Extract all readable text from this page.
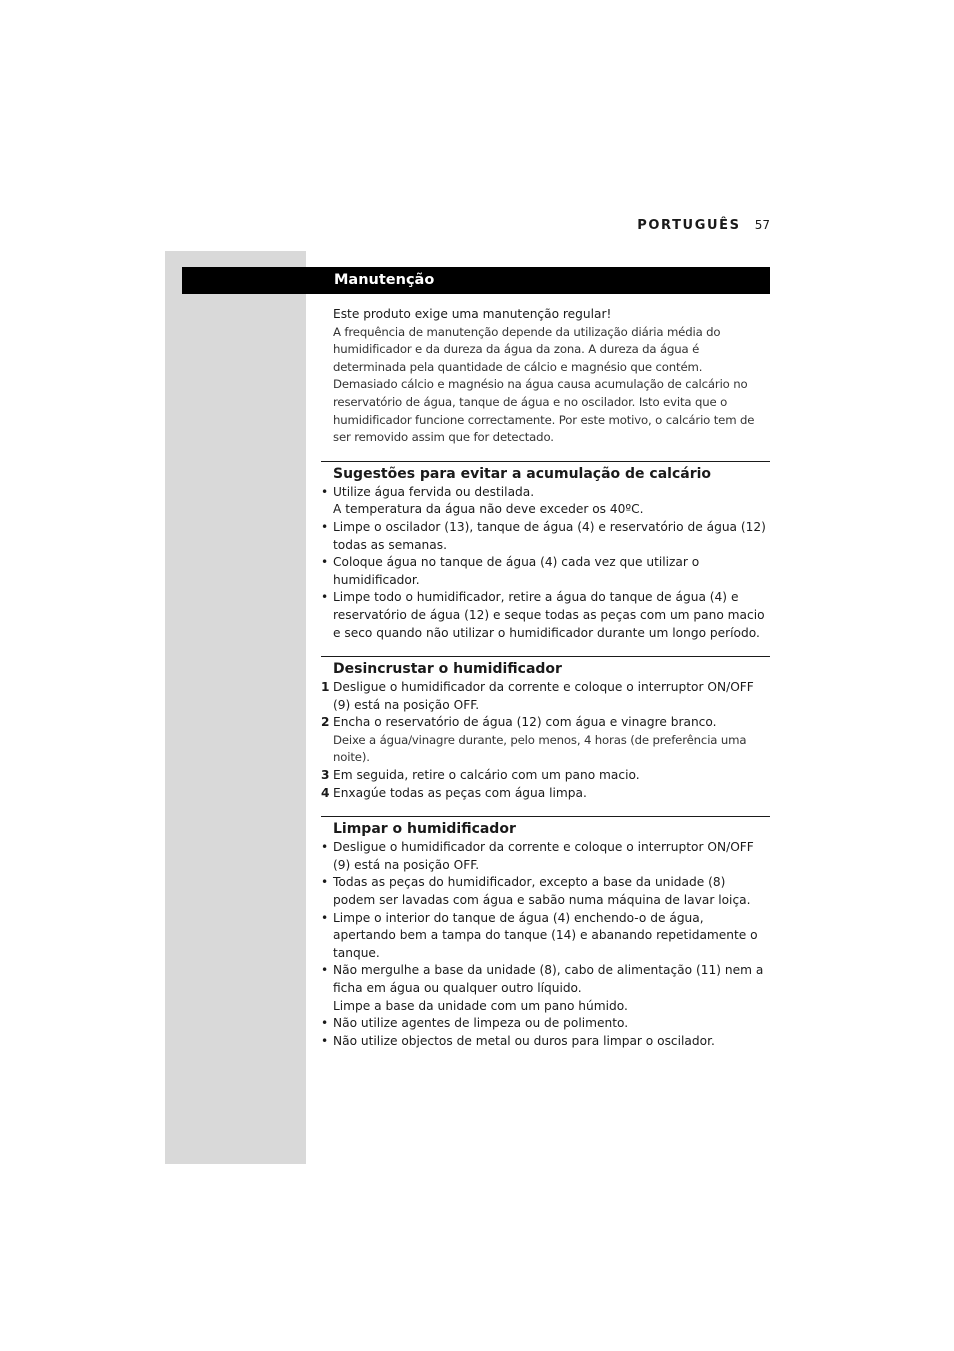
PORTUGUÊS 57
Manutenção

Este produto exige uma manutenção regular!

A frequência de manutenção depende da utilização diária média do humidificador e da dureza da água da zona. A dureza da água é determinada pela quantidade de cálcio e magnésio que contém. Demasiado cálcio e magnésio na água causa acumulação de calcário no reservatório de água, tanque de água e no oscilador. Isto evita que o humidificador funcione correctamente. Por este motivo, o calcário tem de ser removido assim que for detectado.

Sugestões para evitar a acumulação de calcário
• Utilize água fervida ou destilada.
A temperatura da água não deve exceder os 40ºC.
• Limpe o oscilador (13), tanque de água (4) e reservatório de água (12) todas as semanas.
• Coloque água no tanque de água (4) cada vez que utilizar o humidificador.
• Limpe todo o humidificador, retire a água do tanque de água (4) e reservatório de água (12) e seque todas as peças com um pano macio e seco quando não utilizar o humidificador durante um longo período.
Desincrustar o humidificador
1 Desligue o humidificador da corrente e coloque o interruptor ON/OFF (9) está na posição OFF.
2 Encha o reservatório de água (12) com água e vinagre branco.
Deixe a água/vinagre durante, pelo menos, 4 horas (de preferência uma noite).
3 Em seguida, retire o calcário com um pano macio.
4 Enxagúe todas as peças com água limpa.
Limpar o humidificador
• Desligue o humidificador da corrente e coloque o interruptor ON/OFF (9) está na posição OFF.
• Todas as peças do humidificador, excepto a base da unidade (8) podem ser lavadas com água e sabão numa máquina de lavar loiça.
• Limpe o interior do tanque de água (4) enchendo-o de água, apertando bem a tampa do tanque (14) e abanando repetidamente o tanque.
• Não mergulhe a base da unidade (8), cabo de alimentação (11) nem a ficha em água ou qualquer outro líquido.
Limpe a base da unidade com um pano húmido.
• Não utilize agentes de limpeza ou de polimento.
• Não utilize objectos de metal ou duros para limpar o oscilador.
